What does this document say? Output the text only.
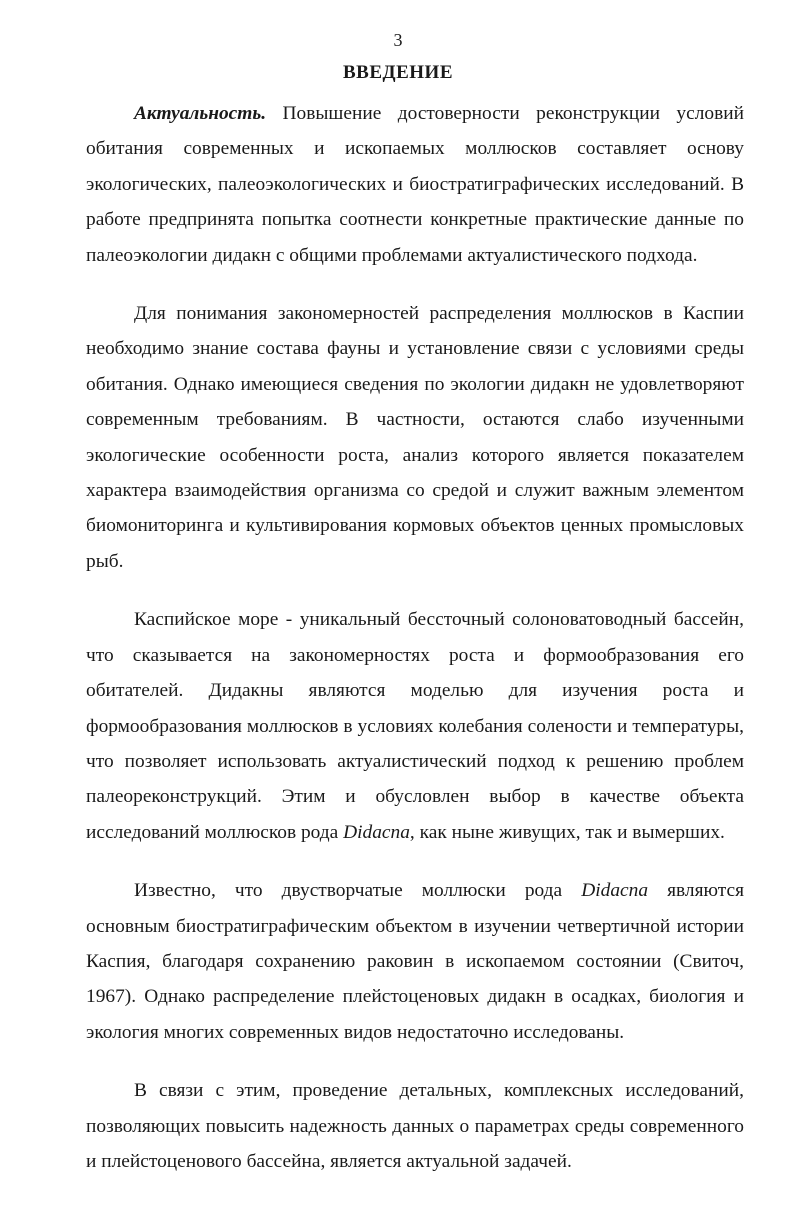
3
ВВЕДЕНИЕ

Актуальность. Повышение достоверности реконструкции условий обитания современных и ископаемых моллюсков составляет основу экологических, палеоэкологических и биостратиграфических исследований. В работе предпринята попытка соотнести конкретные практические данные по палеоэкологии дидакн с общими проблемами актуалистического подхода.

Для понимания закономерностей распределения моллюсков в Каспии необходимо знание состава фауны и установление связи с условиями среды обитания. Однако имеющиеся сведения по экологии дидакн не удовлетворяют современным требованиям. В частности, остаются слабо изученными экологические особенности роста, анализ которого является показателем характера взаимодействия организма со средой и служит важным элементом биомониторинга и культивирования кормовых объектов ценных промысловых рыб.

Каспийское море - уникальный бессточный солоноватоводный бассейн, что сказывается на закономерностях роста и формообразования его обитателей. Дидакны являются моделью для изучения роста и формообразования моллюсков в условиях колебания солености и температуры, что позволяет использовать актуалистический подход к решению проблем палеореконструкций. Этим и обусловлен выбор в качестве объекта исследований моллюсков рода Didacna, как ныне живущих, так и вымерших.

Известно, что двустворчатые моллюски рода Didacna являются основным биостратиграфическим объектом в изучении четвертичной истории Каспия, благодаря сохранению раковин в ископаемом состоянии (Свиточ, 1967). Однако распределение плейстоценовых дидакн в осадках, биология и экология многих современных видов недостаточно исследованы.

В связи с этим, проведение детальных, комплексных исследований, позволяющих повысить надежность данных о параметрах среды современного и плейстоценового бассейна, является актуальной задачей.
